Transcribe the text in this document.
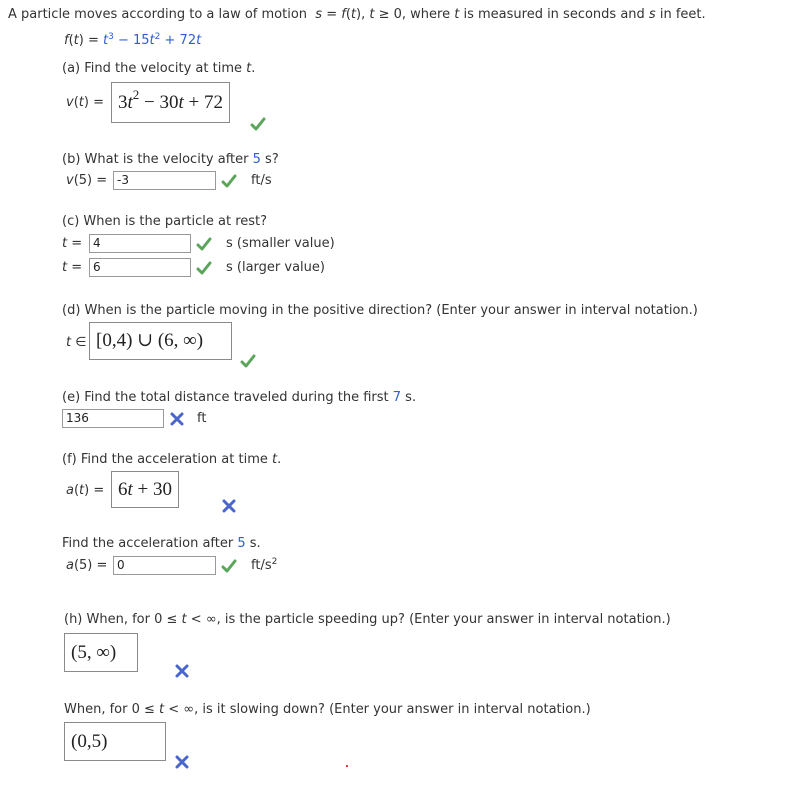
A particle moves according to a law of motion s = f(t), t ≥ 0, where t is measured in seconds and s in feet.
$f(t) = t^3 - 15t^2 + 72t$
(a) Find the velocity at time t.
$v(t) = 3t^2 - 30t + 72$
(b) What is the velocity after 5 s?
v(5) = -3	ft/s
(c) When is the particle at rest?
t = 4	s (smaller value)
t = 6	s (larger value)
(d) When is the particle moving in the positive direction? (Enter your answer in interval notation.)
t ∈ [0,4) ∪ (6, ∞)
(e) Find the total distance traveled during the first 7 s.
136	ft
(f) Find the acceleration at time t.
a(t) = 6t + 30
Find the acceleration after 5 s.
a(5) = 0	$ft/s^2$
(h) When, for 0 ≤ t < ∞, is the particle speeding up? (Enter your answer in interval notation.)
(5, ∞)
When, for 0 ≤ t < ∞, is it slowing down? (Enter your answer in interval notation.)
(0,5)
